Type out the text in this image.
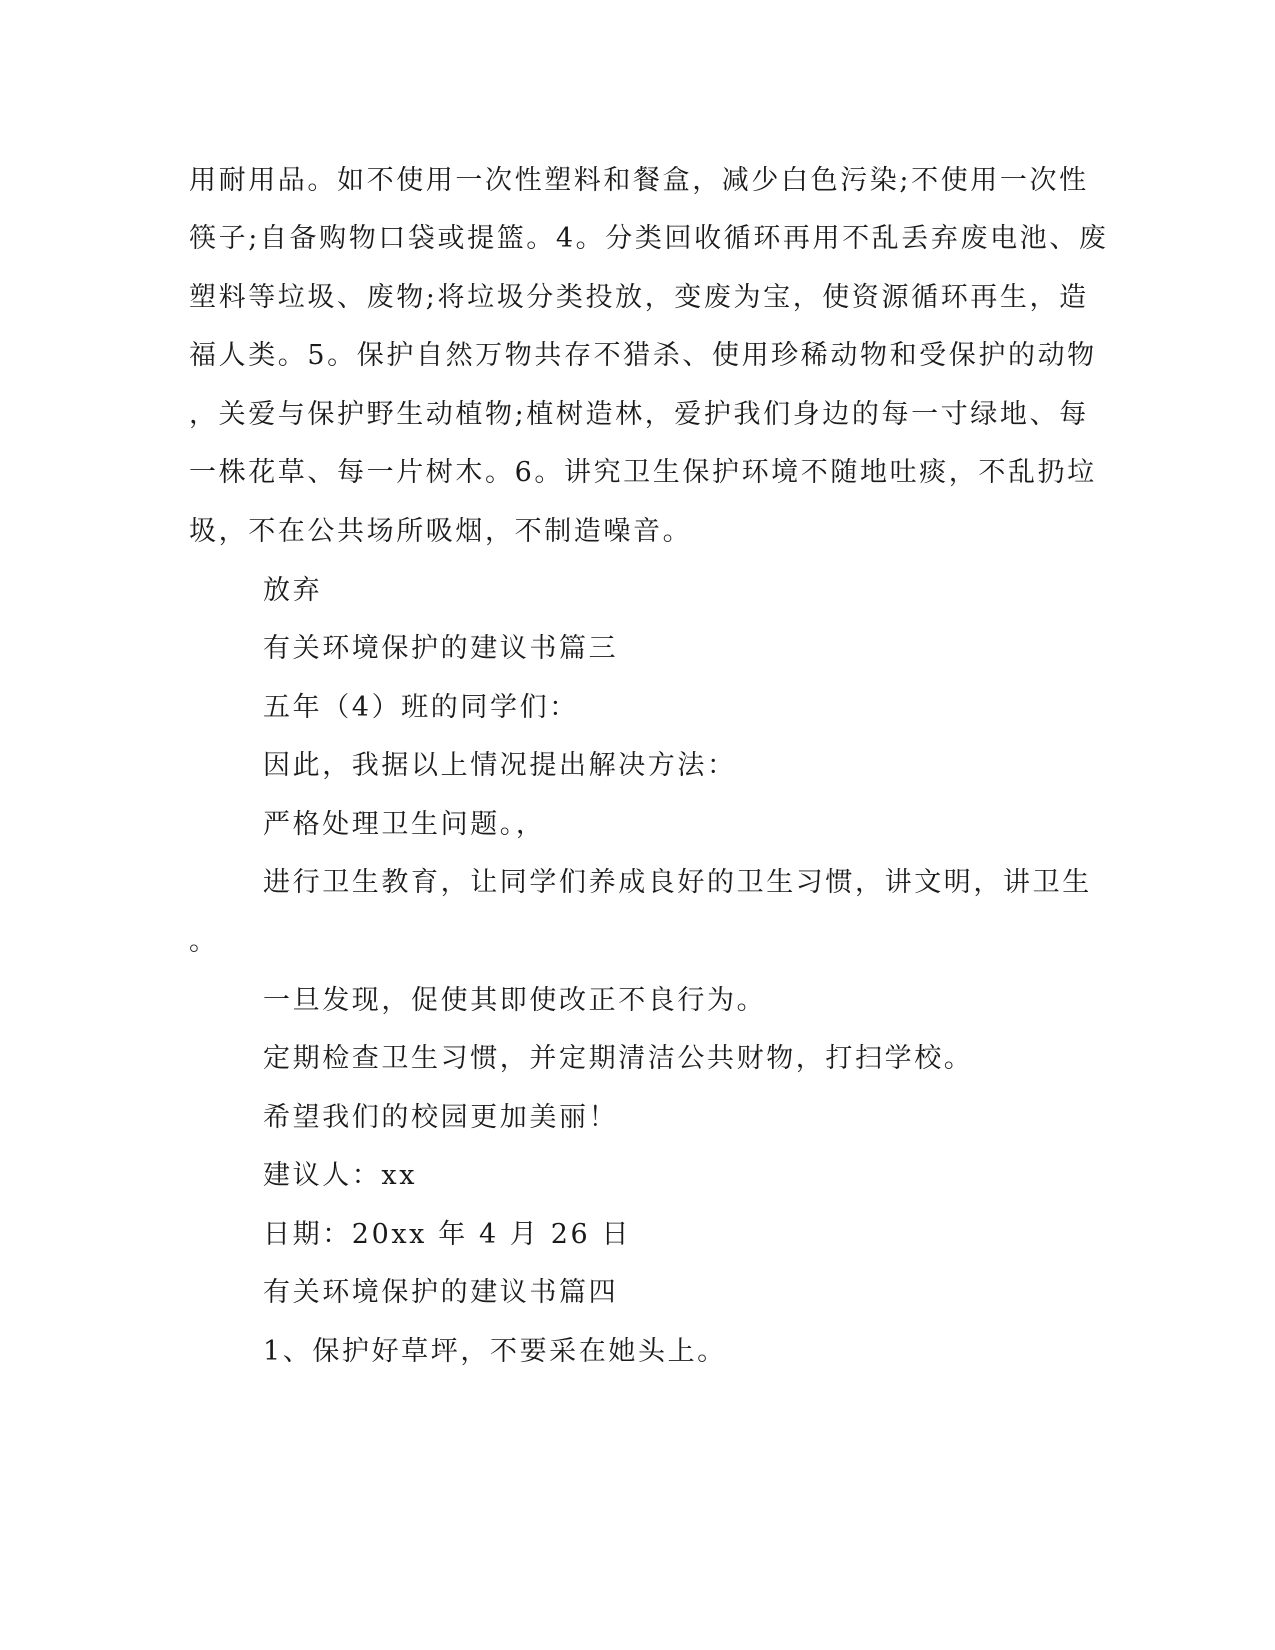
用耐用品。如不使用一次性塑料和餐盒，减少白色污染;不使用一次性
筷子;自备购物口袋或提篮。4。分类回收循环再用不乱丢弃废电池、废
塑料等垃圾、废物;将垃圾分类投放，变废为宝，使资源循环再生，造
福人类。5。保护自然万物共存不猎杀、使用珍稀动物和受保护的动物
，关爱与保护野生动植物;植树造林，爱护我们身边的每一寸绿地、每
一株花草、每一片树木。6。讲究卫生保护环境不随地吐痰，不乱扔垃
圾，不在公共场所吸烟，不制造噪音。
放弃
有关环境保护的建议书篇三
五年（4）班的同学们：
因此，我据以上情况提出解决方法：
严格处理卫生问题。，
进行卫生教育，让同学们养成良好的卫生习惯，讲文明，讲卫生
。
一旦发现，促使其即使改正不良行为。
定期检查卫生习惯，并定期清洁公共财物，打扫学校。
希望我们的校园更加美丽！
建议人：xx
日期：20xx 年 4 月 26 日
有关环境保护的建议书篇四
1、保护好草坪，不要采在她头上。
